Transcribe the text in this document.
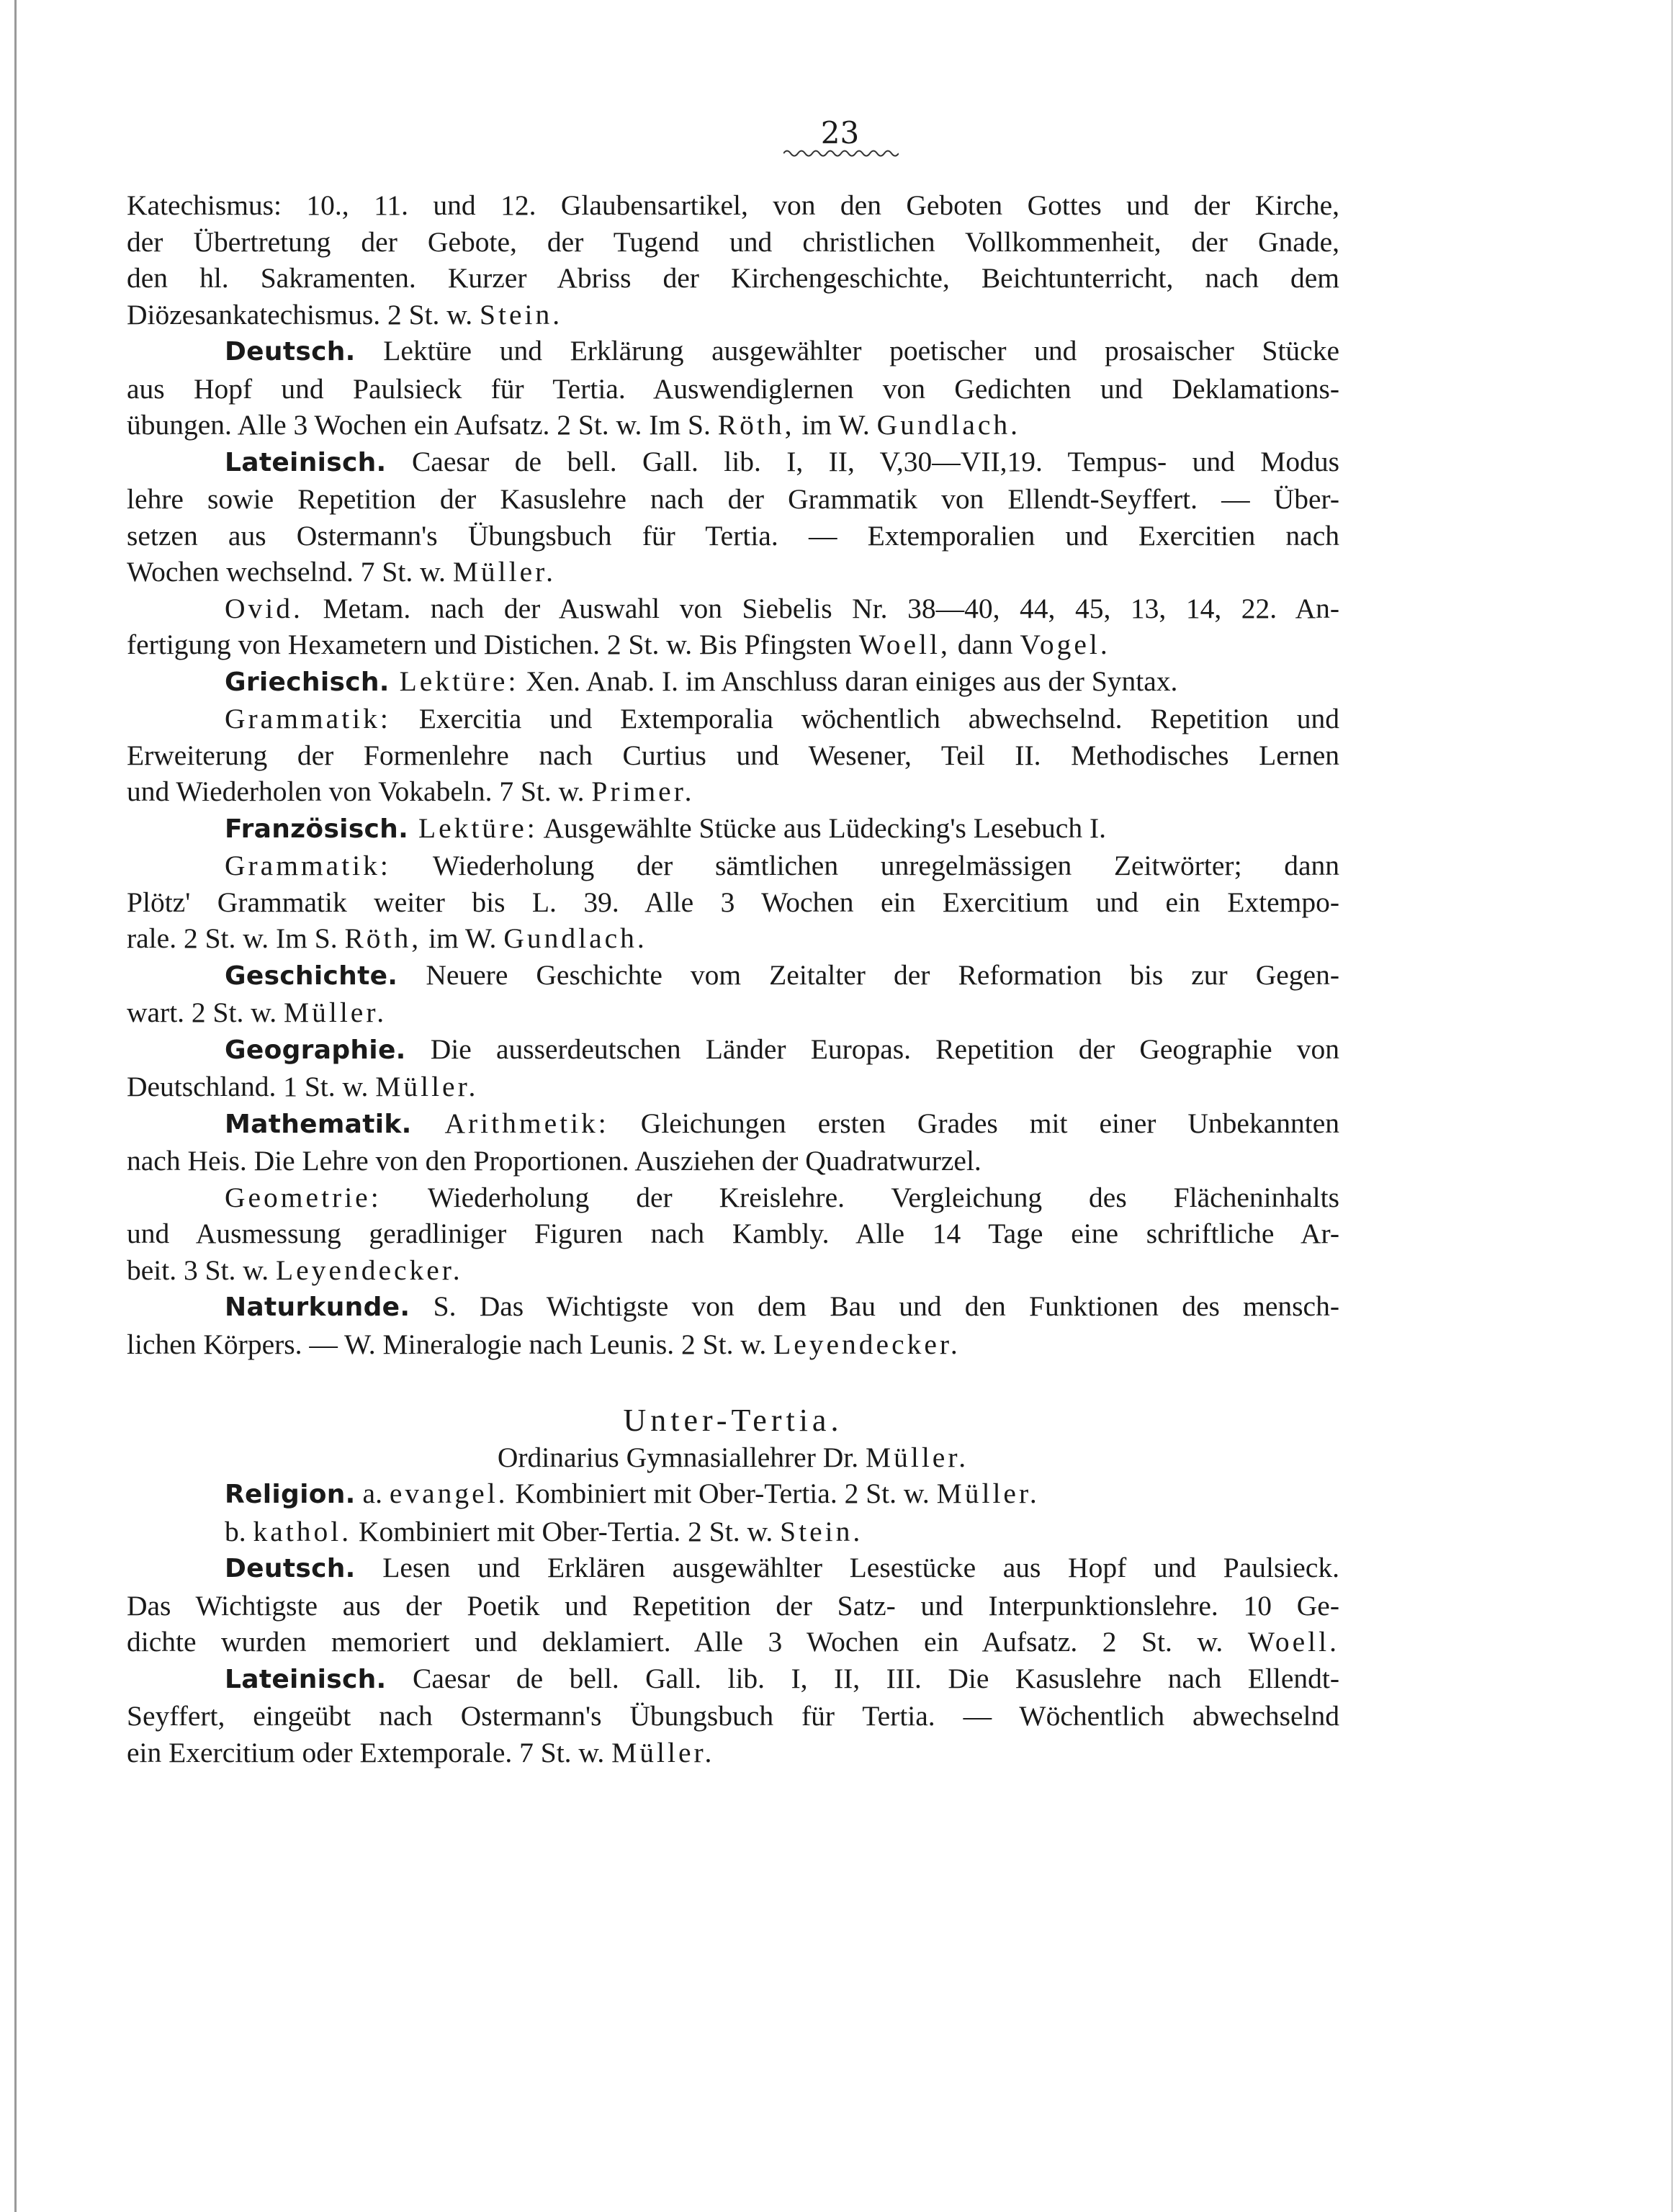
23
Katechismus: 10., 11. und 12. Glaubensartikel, von den Geboten Gottes und der Kirche,
der Übertretung der Gebote, der Tugend und christlichen Vollkommenheit, der Gnade,
den hl. Sakramenten. Kurzer Abriss der Kirchengeschichte, Beichtunterricht, nach dem
Diözesankatechismus. 2 St. w. Stein.
Deutsch. Lektüre und Erklärung ausgewählter poetischer und prosaischer Stücke
aus Hopf und Paulsieck für Tertia. Auswendiglernen von Gedichten und Deklamations-
übungen. Alle 3 Wochen ein Aufsatz. 2 St. w. Im S. Röth, im W. Gundlach.
Lateinisch. Caesar de bell. Gall. lib. I, II, V,30—VII,19. Tempus- und Modus
lehre sowie Repetition der Kasuslehre nach der Grammatik von Ellendt-Seyffert. — Über-
setzen aus Ostermann's Übungsbuch für Tertia. — Extemporalien und Exercitien nach
Wochen wechselnd. 7 St. w. Müller.
Ovid. Metam. nach der Auswahl von Siebelis Nr. 38—40, 44, 45, 13, 14, 22. An-
fertigung von Hexametern und Distichen. 2 St. w. Bis Pfingsten Woell, dann Vogel.
Griechisch. Lektüre: Xen. Anab. I. im Anschluss daran einiges aus der Syntax.
Grammatik: Exercitia und Extemporalia wöchentlich abwechselnd. Repetition und
Erweiterung der Formenlehre nach Curtius und Wesener, Teil II. Methodisches Lernen
und Wiederholen von Vokabeln. 7 St. w. Primer.
Französisch. Lektüre: Ausgewählte Stücke aus Lüdecking's Lesebuch I.
Grammatik: Wiederholung der sämtlichen unregelmässigen Zeitwörter; dann
Plötz' Grammatik weiter bis L. 39. Alle 3 Wochen ein Exercitium und ein Extempo-
rale. 2 St. w. Im S. Röth, im W. Gundlach.
Geschichte. Neuere Geschichte vom Zeitalter der Reformation bis zur Gegen-
wart. 2 St. w. Müller.
Geographie. Die ausserdeutschen Länder Europas. Repetition der Geographie von
Deutschland. 1 St. w. Müller.
Mathematik. Arithmetik: Gleichungen ersten Grades mit einer Unbekannten
nach Heis. Die Lehre von den Proportionen. Ausziehen der Quadratwurzel.
Geometrie: Wiederholung der Kreislehre. Vergleichung des Flächeninhalts
und Ausmessung geradliniger Figuren nach Kambly. Alle 14 Tage eine schriftliche Ar-
beit. 3 St. w. Leyendecker.
Naturkunde. S. Das Wichtigste von dem Bau und den Funktionen des mensch-
lichen Körpers. — W. Mineralogie nach Leunis. 2 St. w. Leyendecker.
Unter-Tertia.
Ordinarius Gymnasiallehrer Dr. Müller.
Religion. a. evangel. Kombiniert mit Ober-Tertia. 2 St. w. Müller.
b. kathol. Kombiniert mit Ober-Tertia. 2 St. w. Stein.
Deutsch. Lesen und Erklären ausgewählter Lesestücke aus Hopf und Paulsieck.
Das Wichtigste aus der Poetik und Repetition der Satz- und Interpunktionslehre. 10 Ge-
dichte wurden memoriert und deklamiert. Alle 3 Wochen ein Aufsatz. 2 St. w. Woell.
Lateinisch. Caesar de bell. Gall. lib. I, II, III. Die Kasuslehre nach Ellendt-
Seyffert, eingeübt nach Ostermann's Übungsbuch für Tertia. — Wöchentlich abwechselnd
ein Exercitium oder Extemporale. 7 St. w. Müller.
